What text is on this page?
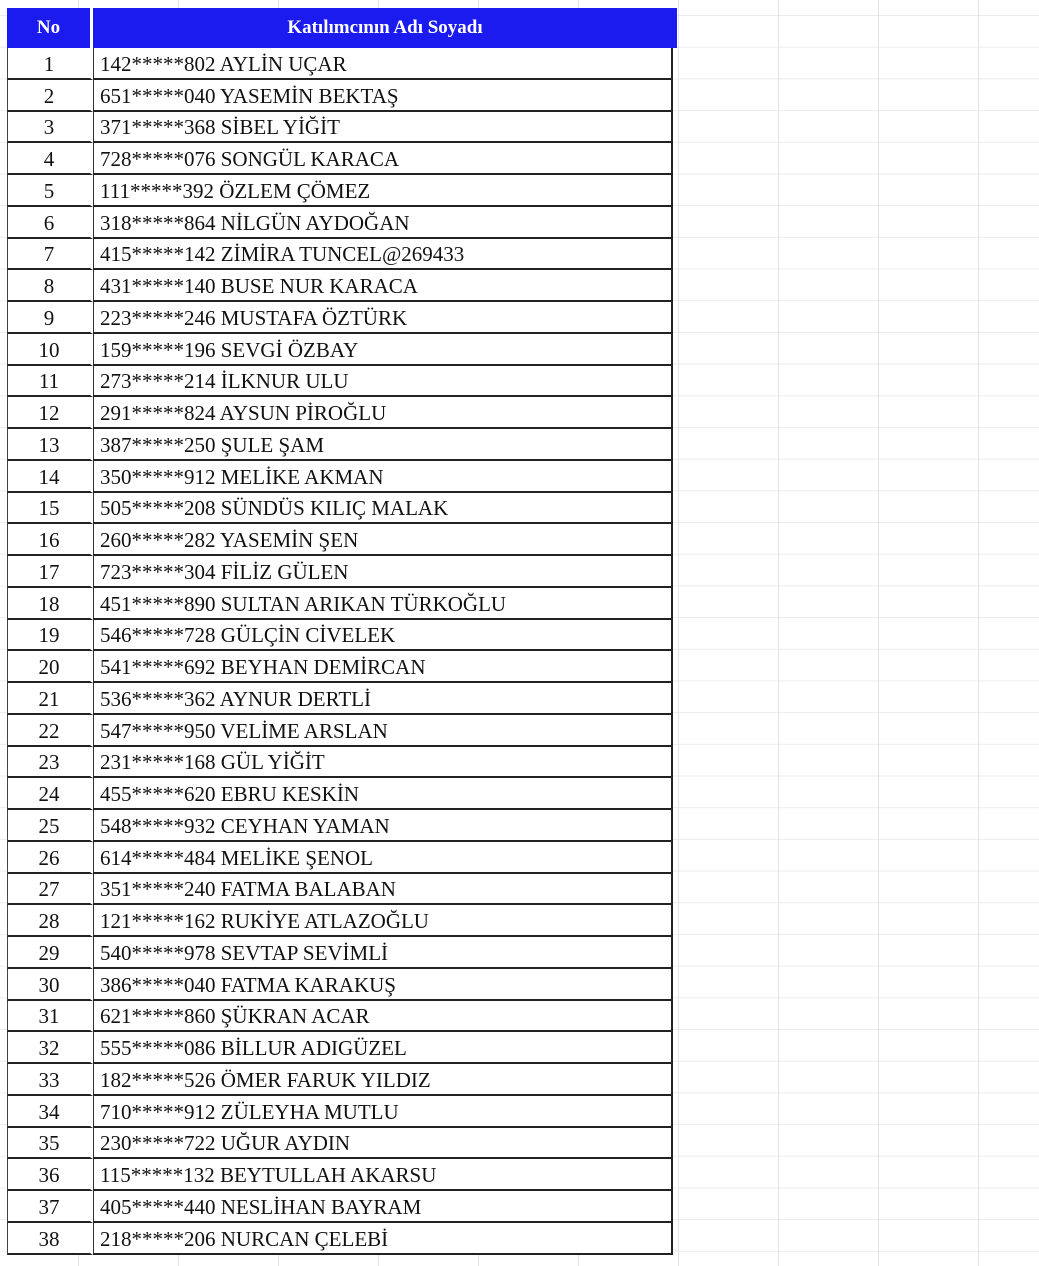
No	Katılımcının Adı Soyadı
1	142*****802 AYLİN UÇAR
2	651*****040 YASEMİN BEKTAŞ
3	371*****368 SİBEL YİĞİT
4	728*****076 SONGÜL KARACA
5	111*****392 ÖZLEM ÇÖMEZ
6	318*****864 NİLGÜN AYDOĞAN
7	415*****142 ZİMİRA TUNCEL@269433
8	431*****140 BUSE NUR KARACA
9	223*****246 MUSTAFA ÖZTÜRK
10	159*****196 SEVGİ ÖZBAY
11	273*****214 İLKNUR ULU
12	291*****824 AYSUN PİROĞLU
13	387*****250 ŞULE ŞAM
14	350*****912 MELİKE AKMAN
15	505*****208 SÜNDÜS KILIÇ MALAK
16	260*****282 YASEMİN ŞEN
17	723*****304 FİLİZ GÜLEN
18	451*****890 SULTAN ARIKAN TÜRKOĞLU
19	546*****728 GÜLÇİN CİVELEK
20	541*****692 BEYHAN DEMİRCAN
21	536*****362 AYNUR DERTLİ
22	547*****950 VELİME ARSLAN
23	231*****168 GÜL YİĞİT
24	455*****620 EBRU KESKİN
25	548*****932 CEYHAN YAMAN
26	614*****484 MELİKE ŞENOL
27	351*****240 FATMA BALABAN
28	121*****162 RUKİYE ATLAZOĞLU
29	540*****978 SEVTAP SEVİMLİ
30	386*****040 FATMA KARAKUŞ
31	621*****860 ŞÜKRAN ACAR
32	555*****086 BİLLUR ADIGÜZEL
33	182*****526 ÖMER FARUK YILDIZ
34	710*****912 ZÜLEYHA MUTLU
35	230*****722 UĞUR AYDIN
36	115*****132 BEYTULLAH AKARSU
37	405*****440 NESLİHAN BAYRAM
38	218*****206 NURCAN ÇELEBİ
